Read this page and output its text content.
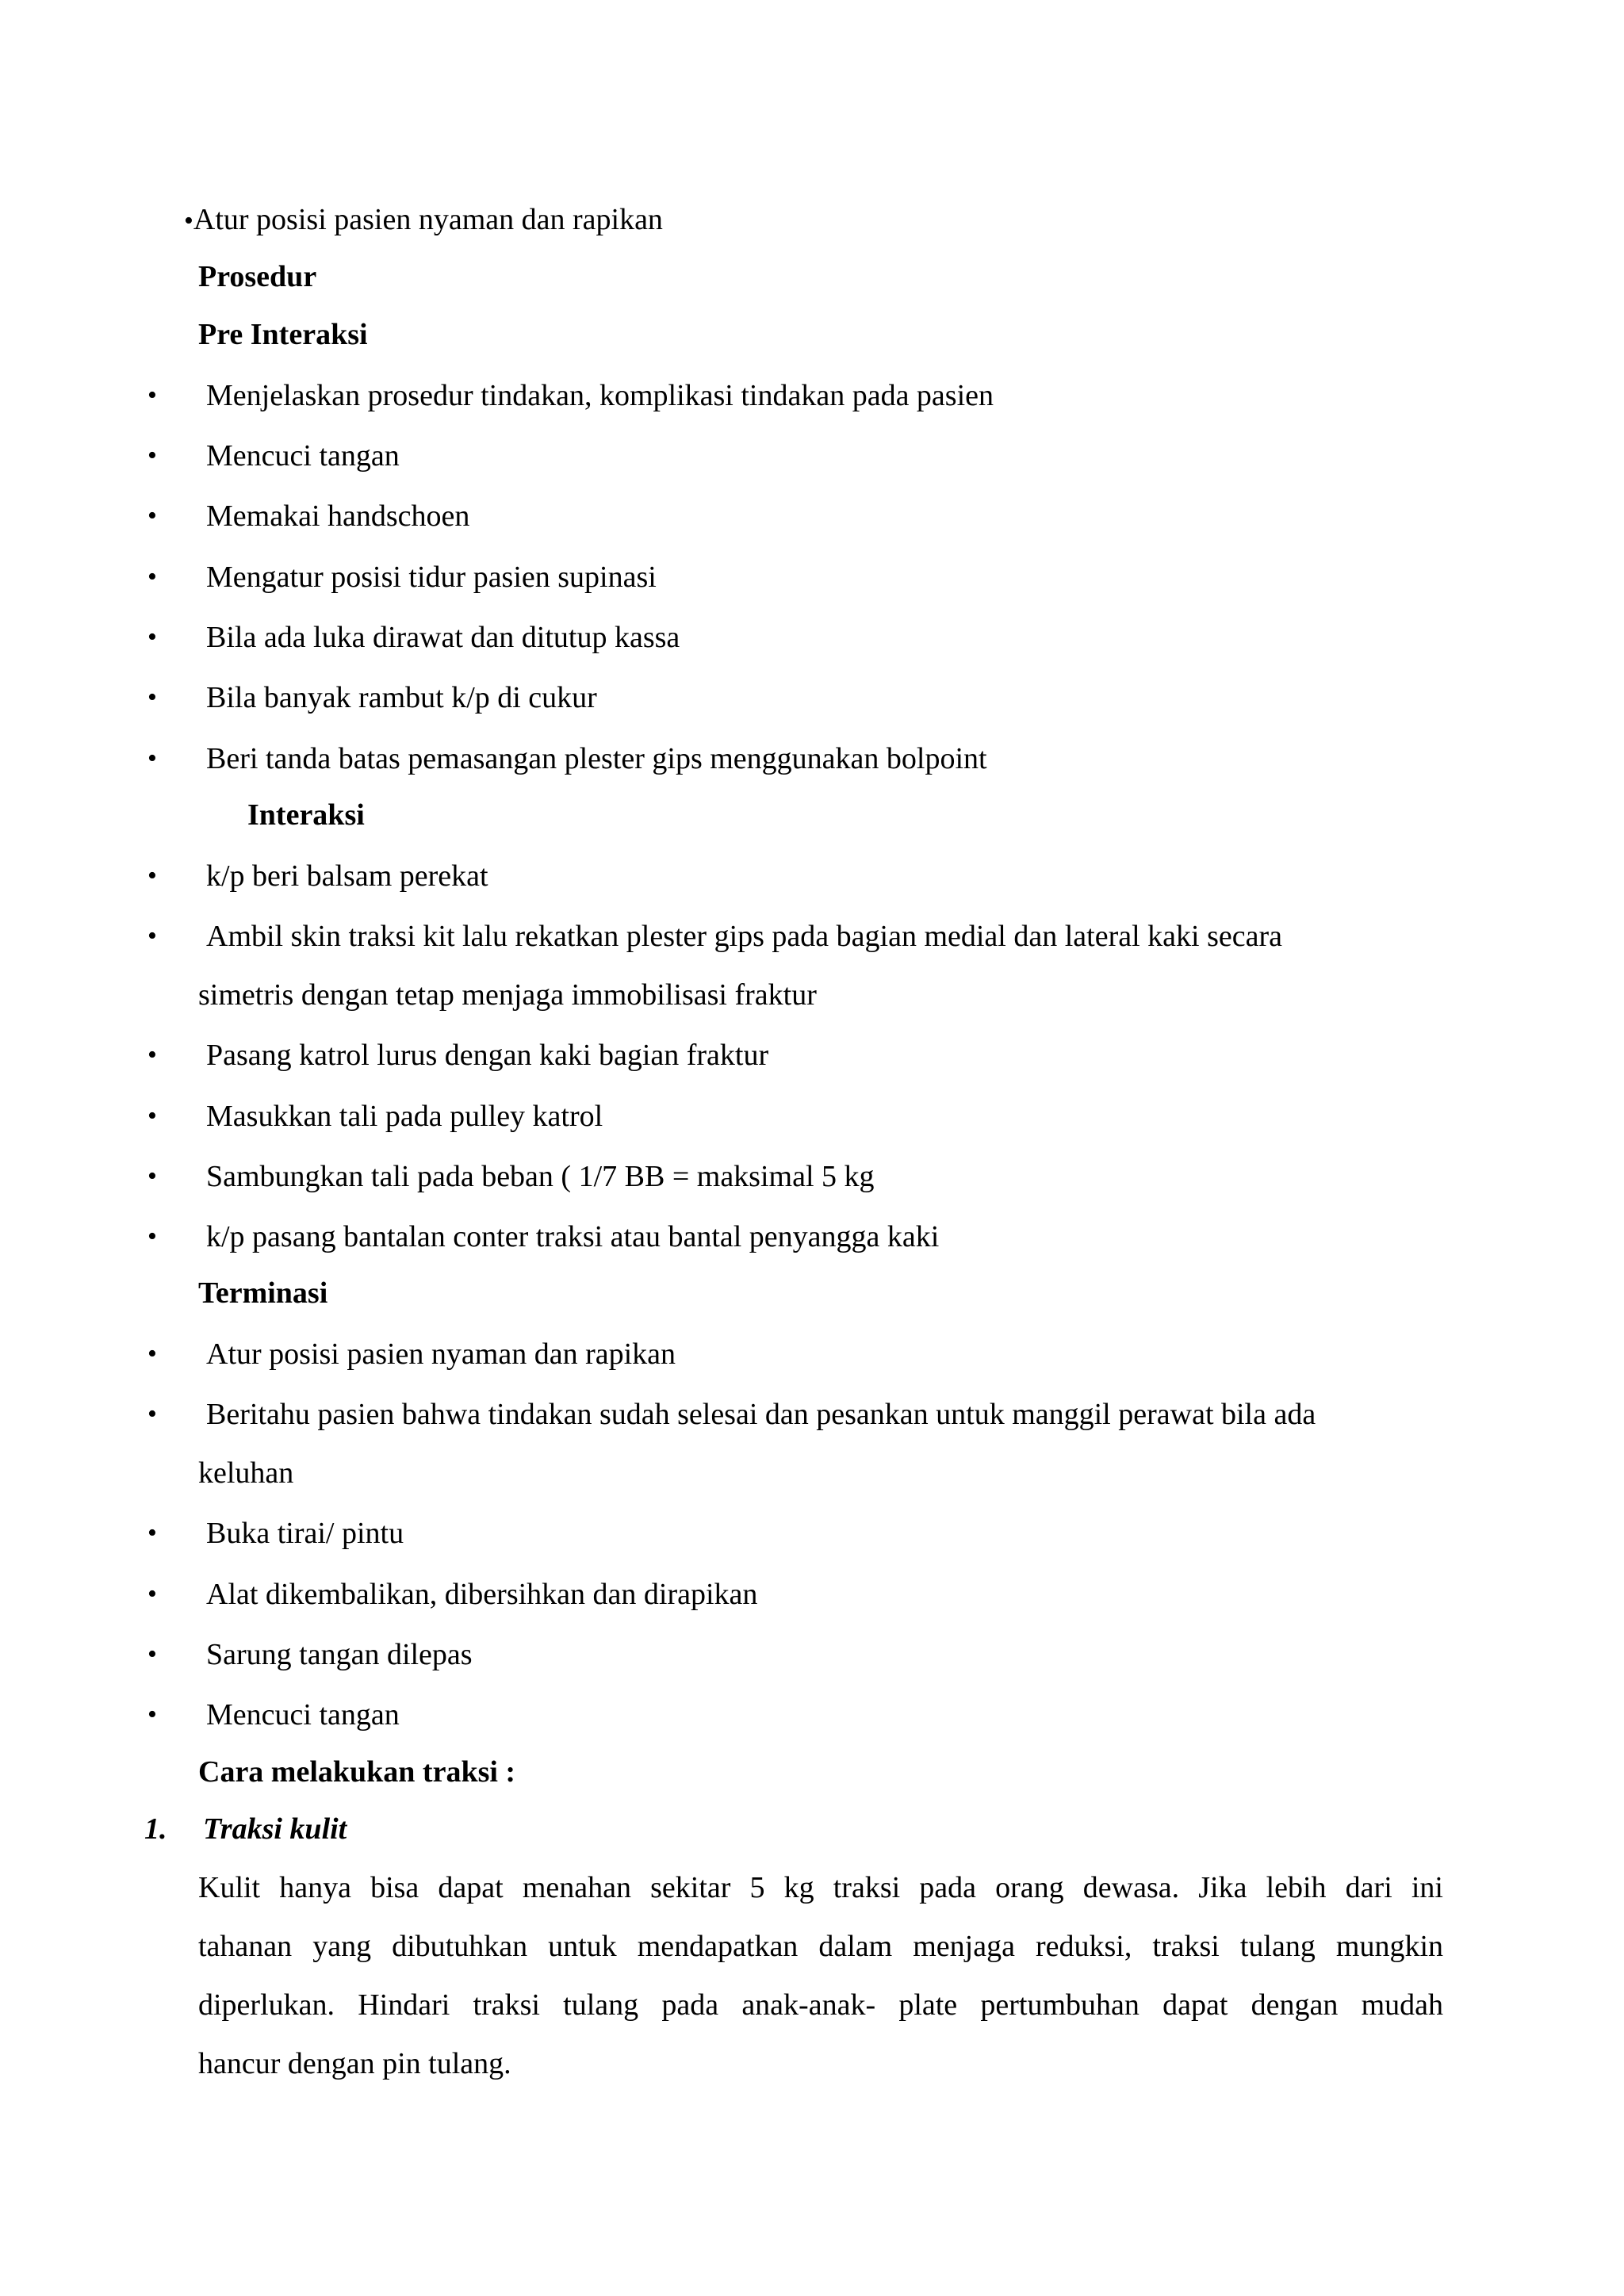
•Atur posisi pasien nyaman dan rapikan
Prosedur
Pre Interaksi
• Menjelaskan prosedur tindakan, komplikasi tindakan pada pasien
• Mencuci tangan
• Memakai handschoen
• Mengatur posisi tidur pasien supinasi
• Bila ada luka dirawat dan ditutup kassa
• Bila banyak rambut k/p di cukur
• Beri tanda batas pemasangan plester gips menggunakan bolpoint
Interaksi
• k/p beri balsam perekat
• Ambil skin traksi kit lalu rekatkan plester gips pada bagian medial dan lateral kaki secara
simetris dengan tetap menjaga immobilisasi fraktur
• Pasang katrol lurus dengan kaki bagian fraktur
• Masukkan tali pada pulley katrol
• Sambungkan tali pada beban ( 1/7 BB = maksimal 5 kg
• k/p pasang bantalan conter traksi atau bantal penyangga kaki
Terminasi
• Atur posisi pasien nyaman dan rapikan
• Beritahu pasien bahwa tindakan sudah selesai dan pesankan untuk manggil perawat bila ada
keluhan
• Buka tirai/ pintu
• Alat dikembalikan, dibersihkan dan dirapikan
• Sarung tangan dilepas
• Mencuci tangan
Cara melakukan traksi :
1. Traksi kulit
Kulit hanya bisa dapat menahan sekitar 5 kg traksi pada orang dewasa. Jika lebih dari ini
tahanan yang dibutuhkan untuk mendapatkan dalam menjaga reduksi, traksi tulang mungkin
diperlukan. Hindari traksi tulang pada anak-anak- plate pertumbuhan dapat dengan mudah
hancur dengan pin tulang.
